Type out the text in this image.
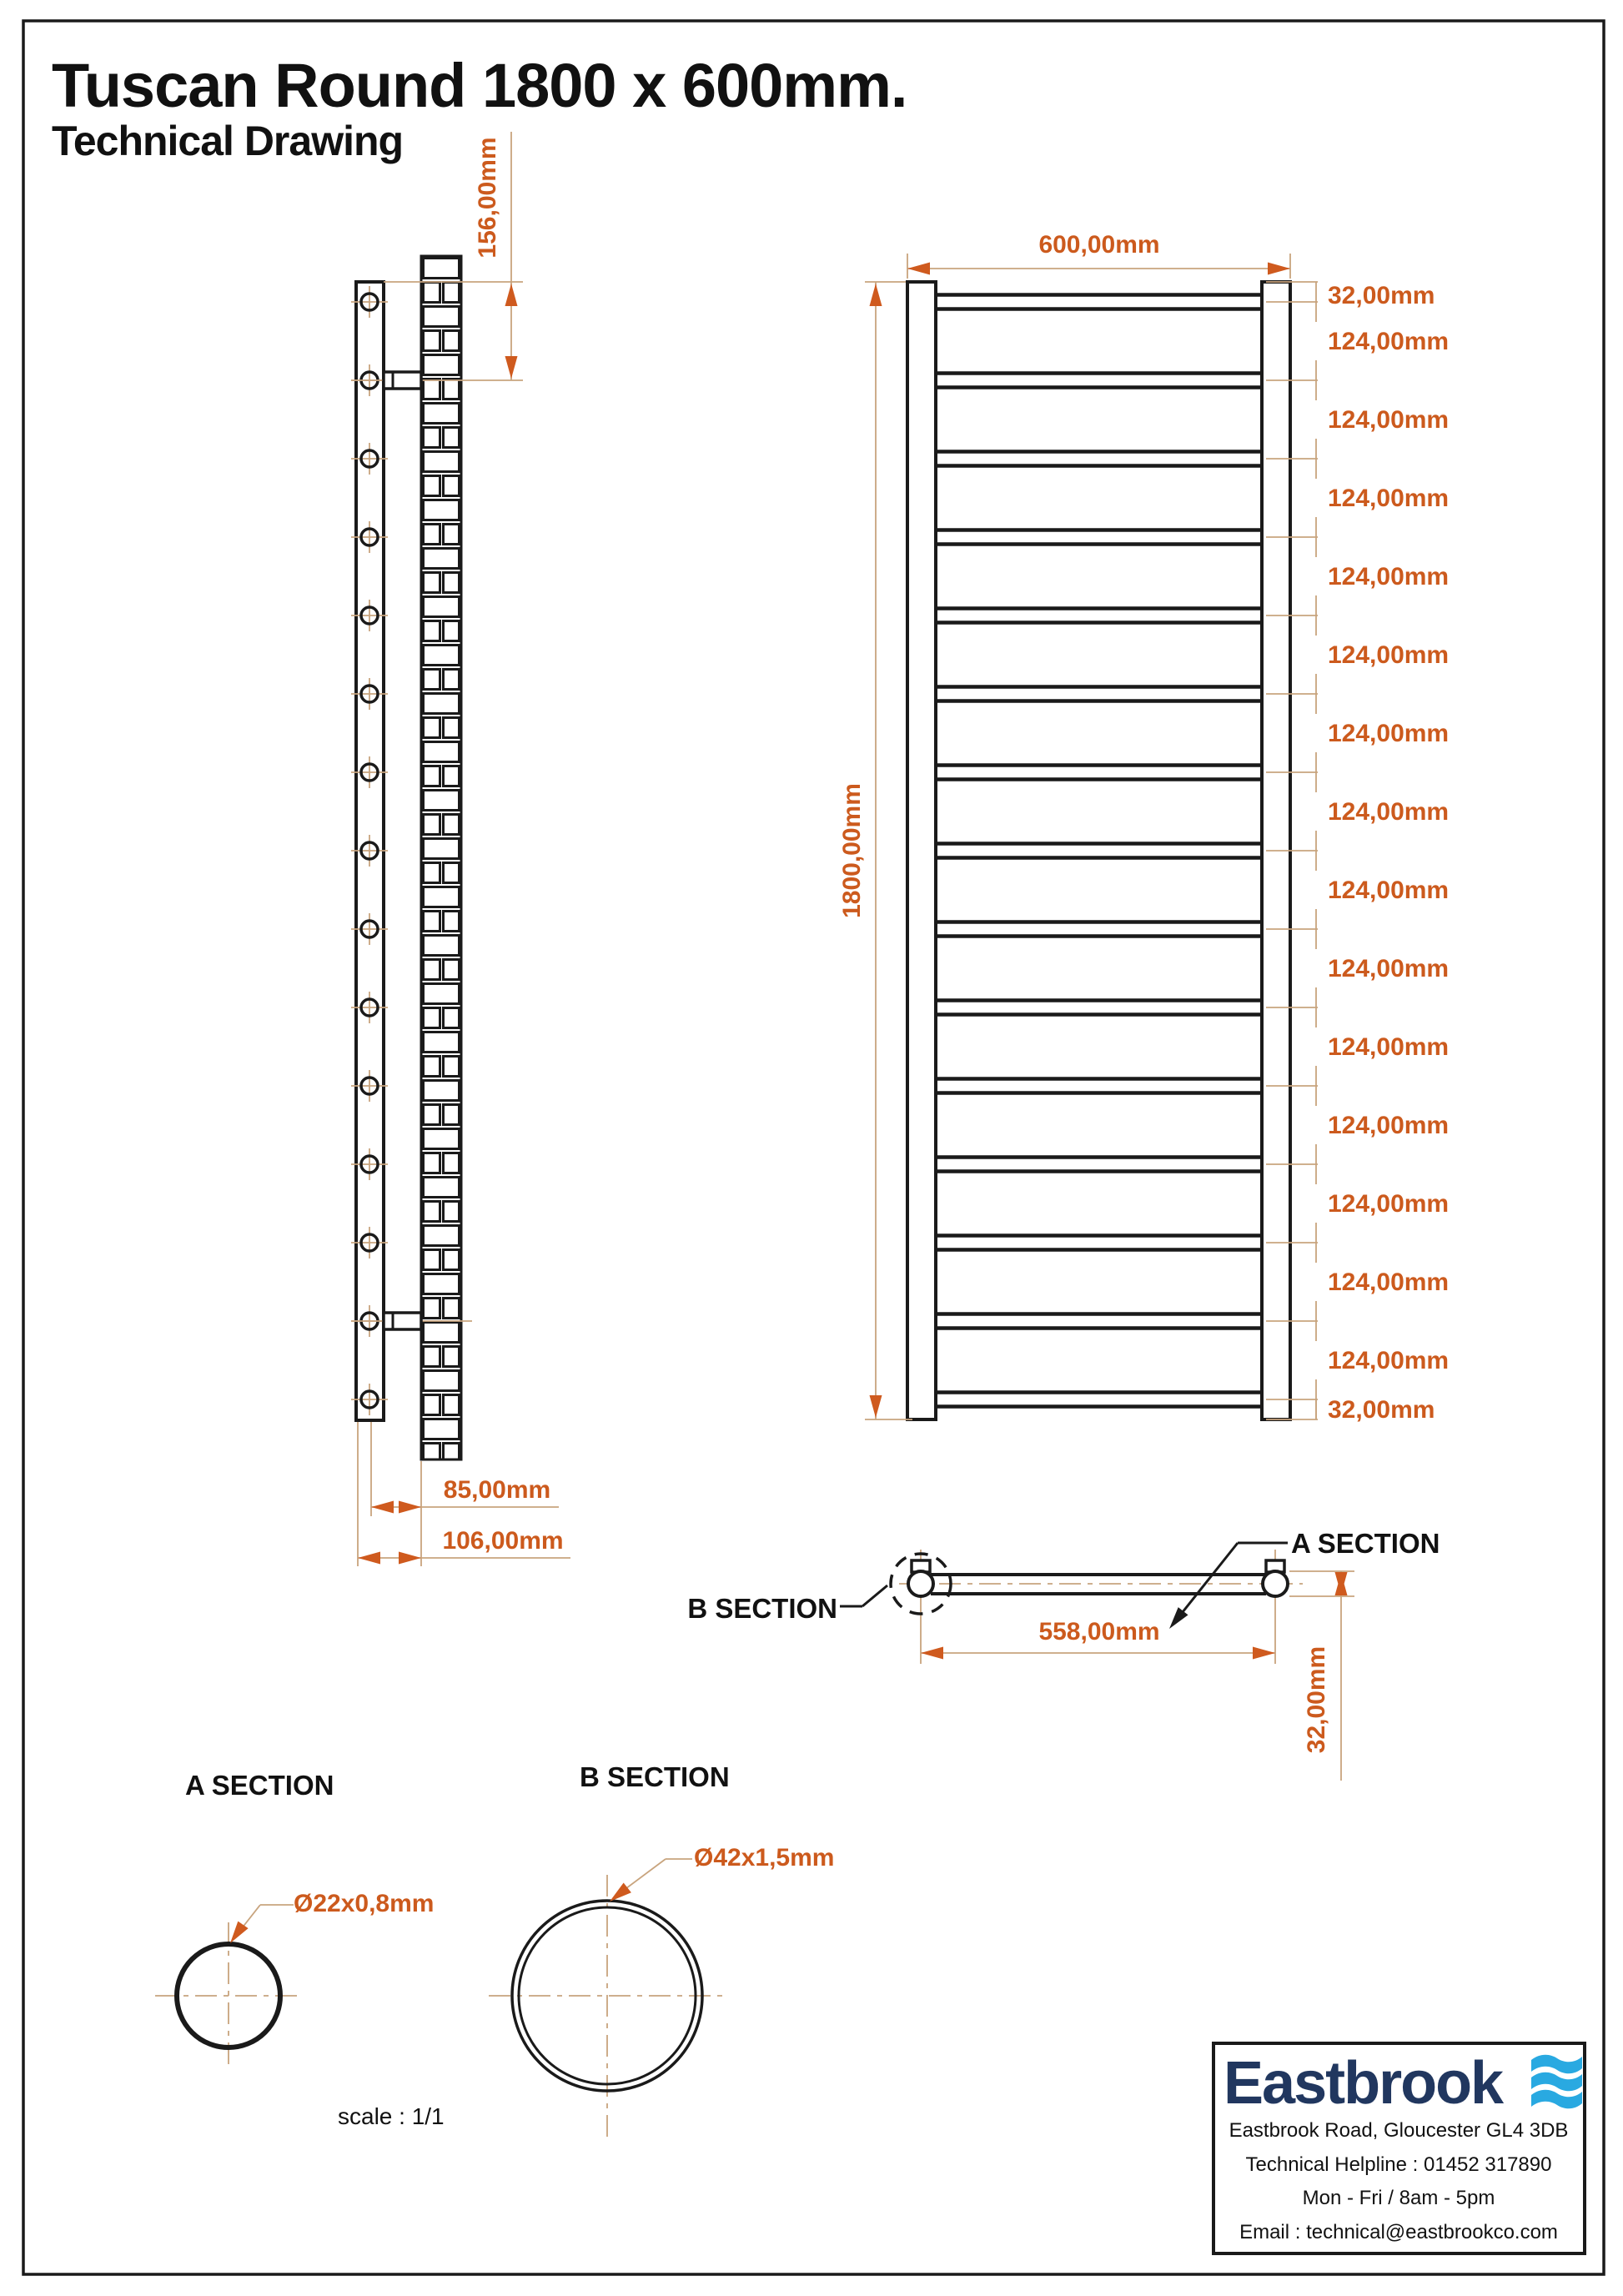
Tuscan Round 1800 x 600mm.
Technical Drawing	156,00mm
85,00mm
106,00mm
600,00mm
1800,00mm
32,00mm
124,00mm
124,00mm
124,00mm
124,00mm
124,00mm
124,00mm
124,00mm
124,00mm
124,00mm
124,00mm
124,00mm
124,00mm
124,00mm
124,00mm
32,00mm
A SECTION
B SECTION
558,00mm
32,00mm
A SECTION	B SECTION
Ø22x0,8mm
Ø42x1,5mm
scale : 1/1	Eastbrook
Eastbrook Road, Gloucester GL4 3DB
Technical Helpline : 01452 317890
Mon - Fri / 8am - 5pm
Email : technical@eastbrookco.com
